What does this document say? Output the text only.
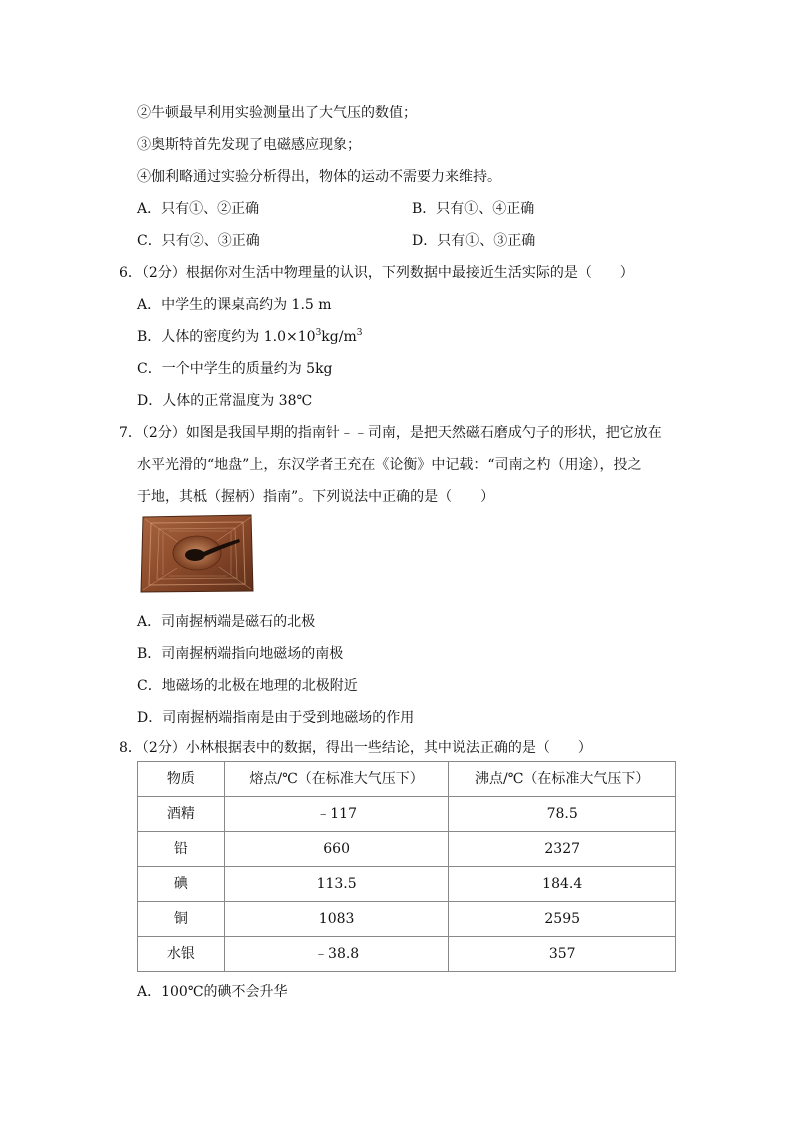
②牛顿最早利用实验测量出了大气压的数值；
③奥斯特首先发现了电磁感应现象；
④伽利略通过实验分析得出，物体的运动不需要力来维持。
A．只有①、②正确	B．只有①、④正确
C．只有②、③正确	D．只有①、③正确
6．（2分）根据你对生活中物理量的认识，下列数据中最接近生活实际的是（　　）
A．中学生的课桌高约为 1.5 m
B．人体的密度约为 $1.0\times 10^3kg/m^3$
C．一个中学生的质量约为 5kg
D．人体的正常温度为 38℃
7．（2分）如图是我国早期的指南针﹣﹣司南，是把天然磁石磨成勺子的形状，把它放在
水平光滑的“地盘”上，东汉学者王充在《论衡》中记载：“司南之杓（用途），投之
于地，其柢（握柄）指南”。下列说法中正确的是（　　）
A．司南握柄端是磁石的北极
B．司南握柄端指向地磁场的南极
C．地磁场的北极在地理的北极附近
D．司南握柄端指南是由于受到地磁场的作用
8．（2分）小林根据表中的数据，得出一些结论，其中说法正确的是（　　）
物质	熔点/℃（在标准大气压下）	沸点/℃（在标准大气压下）
酒精	﹣117	78.5
铅	660	2327
碘	113.5	184.4
铜	1083	2595
水银	﹣38.8	357
A．100℃的碘不会升华
